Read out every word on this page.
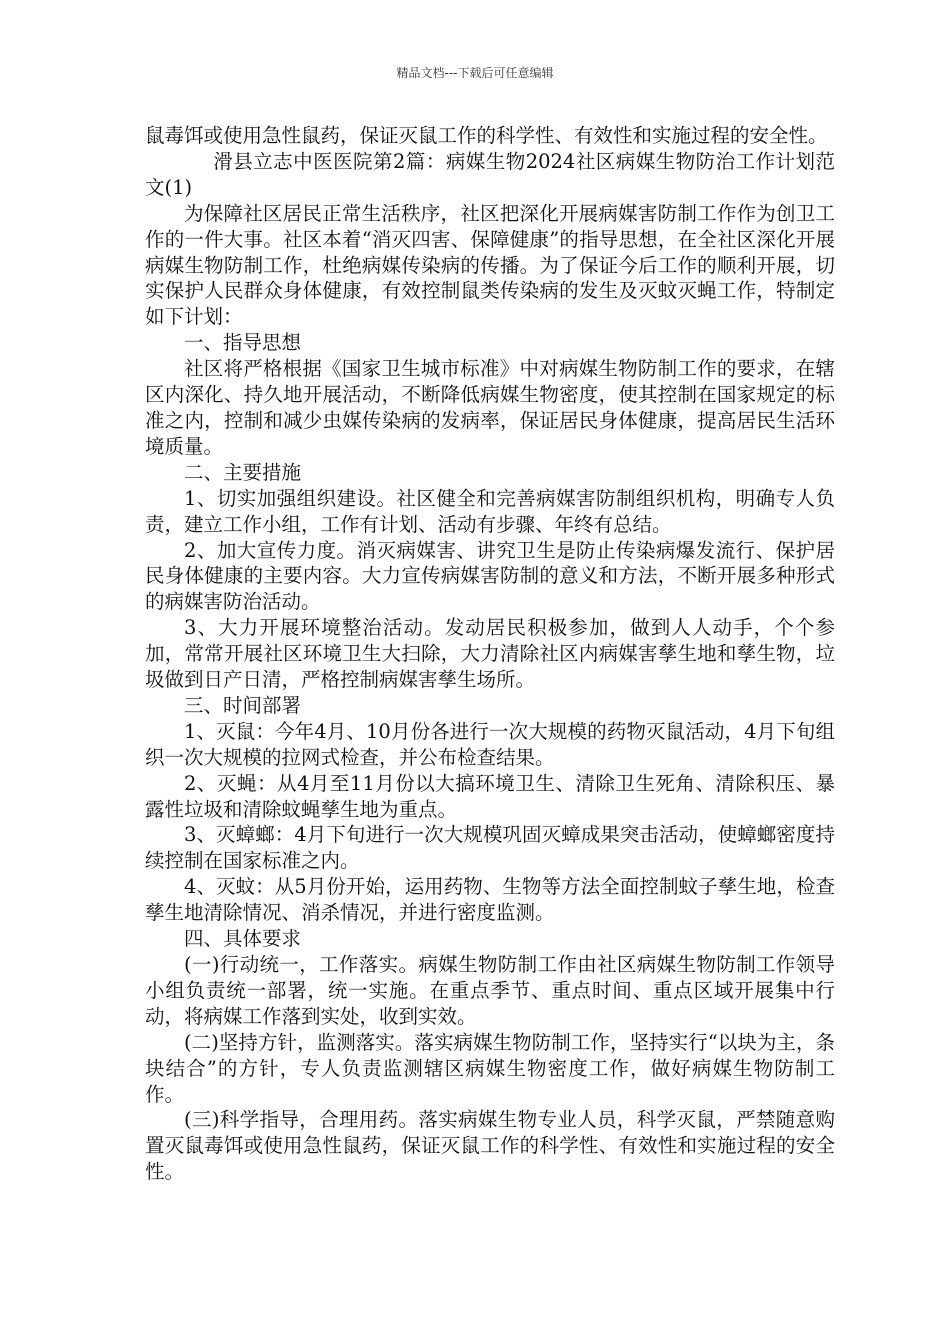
精品文档---下载后可任意编辑

鼠毒饵或使用急性鼠药，保证灭鼠工作的科学性、有效性和实施过程的安全性。

滑县立志中医医院第2篇：病媒生物2024社区病媒生物防治工作计划范文(1)

为保障社区居民正常生活秩序，社区把深化开展病媒害防制工作作为创卫工作的一件大事。社区本着“消灭四害、保障健康”的指导思想，在全社区深化开展病媒生物防制工作，杜绝病媒传染病的传播。为了保证今后工作的顺利开展，切实保护人民群众身体健康，有效控制鼠类传染病的发生及灭蚊灭蝇工作，特制定如下计划：

一、指导思想

社区将严格根据《国家卫生城市标准》中对病媒生物防制工作的要求，在辖区内深化、持久地开展活动，不断降低病媒生物密度，使其控制在国家规定的标准之内，控制和减少虫媒传染病的发病率，保证居民身体健康，提高居民生活环境质量。

二、主要措施

1、切实加强组织建设。社区健全和完善病媒害防制组织机构，明确专人负责，建立工作小组，工作有计划、活动有步骤、年终有总结。

2、加大宣传力度。消灭病媒害、讲究卫生是防止传染病爆发流行、保护居民身体健康的主要内容。大力宣传病媒害防制的意义和方法，不断开展多种形式的病媒害防治活动。

3、大力开展环境整治活动。发动居民积极参加，做到人人动手，个个参加，常常开展社区环境卫生大扫除，大力清除社区内病媒害孳生地和孳生物，垃圾做到日产日清，严格控制病媒害孳生场所。

三、时间部署

1、灭鼠：今年4月、10月份各进行一次大规模的药物灭鼠活动，4月下旬组织一次大规模的拉网式检查，并公布检查结果。

2、灭蝇：从4月至11月份以大搞环境卫生、清除卫生死角、清除积压、暴露性垃圾和清除蚊蝇孳生地为重点。

3、灭蟑螂：4月下旬进行一次大规模巩固灭蟑成果突击活动，使蟑螂密度持续控制在国家标准之内。

4、灭蚊：从5月份开始，运用药物、生物等方法全面控制蚊子孳生地，检查孳生地清除情况、消杀情况，并进行密度监测。

四、具体要求

(一)行动统一，工作落实。病媒生物防制工作由社区病媒生物防制工作领导小组负责统一部署，统一实施。在重点季节、重点时间、重点区域开展集中行动，将病媒工作落到实处，收到实效。

(二)坚持方针，监测落实。落实病媒生物防制工作，坚持实行“以块为主，条块结合”的方针，专人负责监测辖区病媒生物密度工作，做好病媒生物防制工作。

(三)科学指导，合理用药。落实病媒生物专业人员，科学灭鼠，严禁随意购置灭鼠毒饵或使用急性鼠药，保证灭鼠工作的科学性、有效性和实施过程的安全性。
